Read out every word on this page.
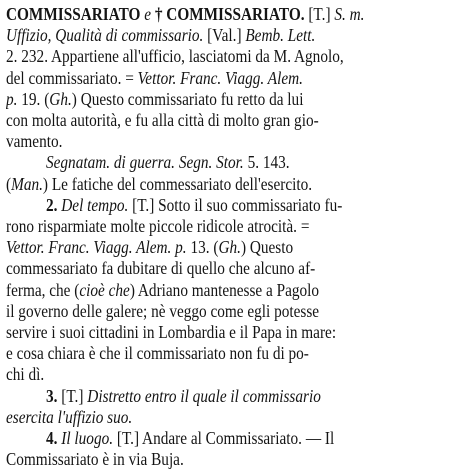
COMMISSARIATO e † COMMISSARIATO. [T.] S. m.
Uffizio, Qualità di commissario. [Val.] Bemb. Lett.
2. 232. Appartiene all'ufficio, lasciatomi da M. Agnolo,
del commissariato. = Vettor. Franc. Viagg. Alem.
p. 19. (Gh.) Questo commissariato fu retto da lui
con molta autorità, e fu alla città di molto gran gio-
vamento.
Segnatam. di guerra. Segn. Stor. 5. 143.
(Man.) Le fatiche del commessariato dell'esercito.
2. Del tempo. [T.] Sotto il suo commissariato fu-
rono risparmiate molte piccole ridicole atrocità. =
Vettor. Franc. Viagg. Alem. p. 13. (Gh.) Questo
commessariato fa dubitare di quello che alcuno af-
ferma, che (cioè che) Adriano mantenesse a Pagolo
il governo delle galere; nè veggo come egli potesse
servire i suoi cittadini in Lombardia e il Papa in mare:
e cosa chiara è che il commissariato non fu di po-
chi dì.
3. [T.] Distretto entro il quale il commissario
esercita l'uffizio suo.
4. Il luogo. [T.] Andare al Commissariato. — Il
Commissariato è in via Buja.
